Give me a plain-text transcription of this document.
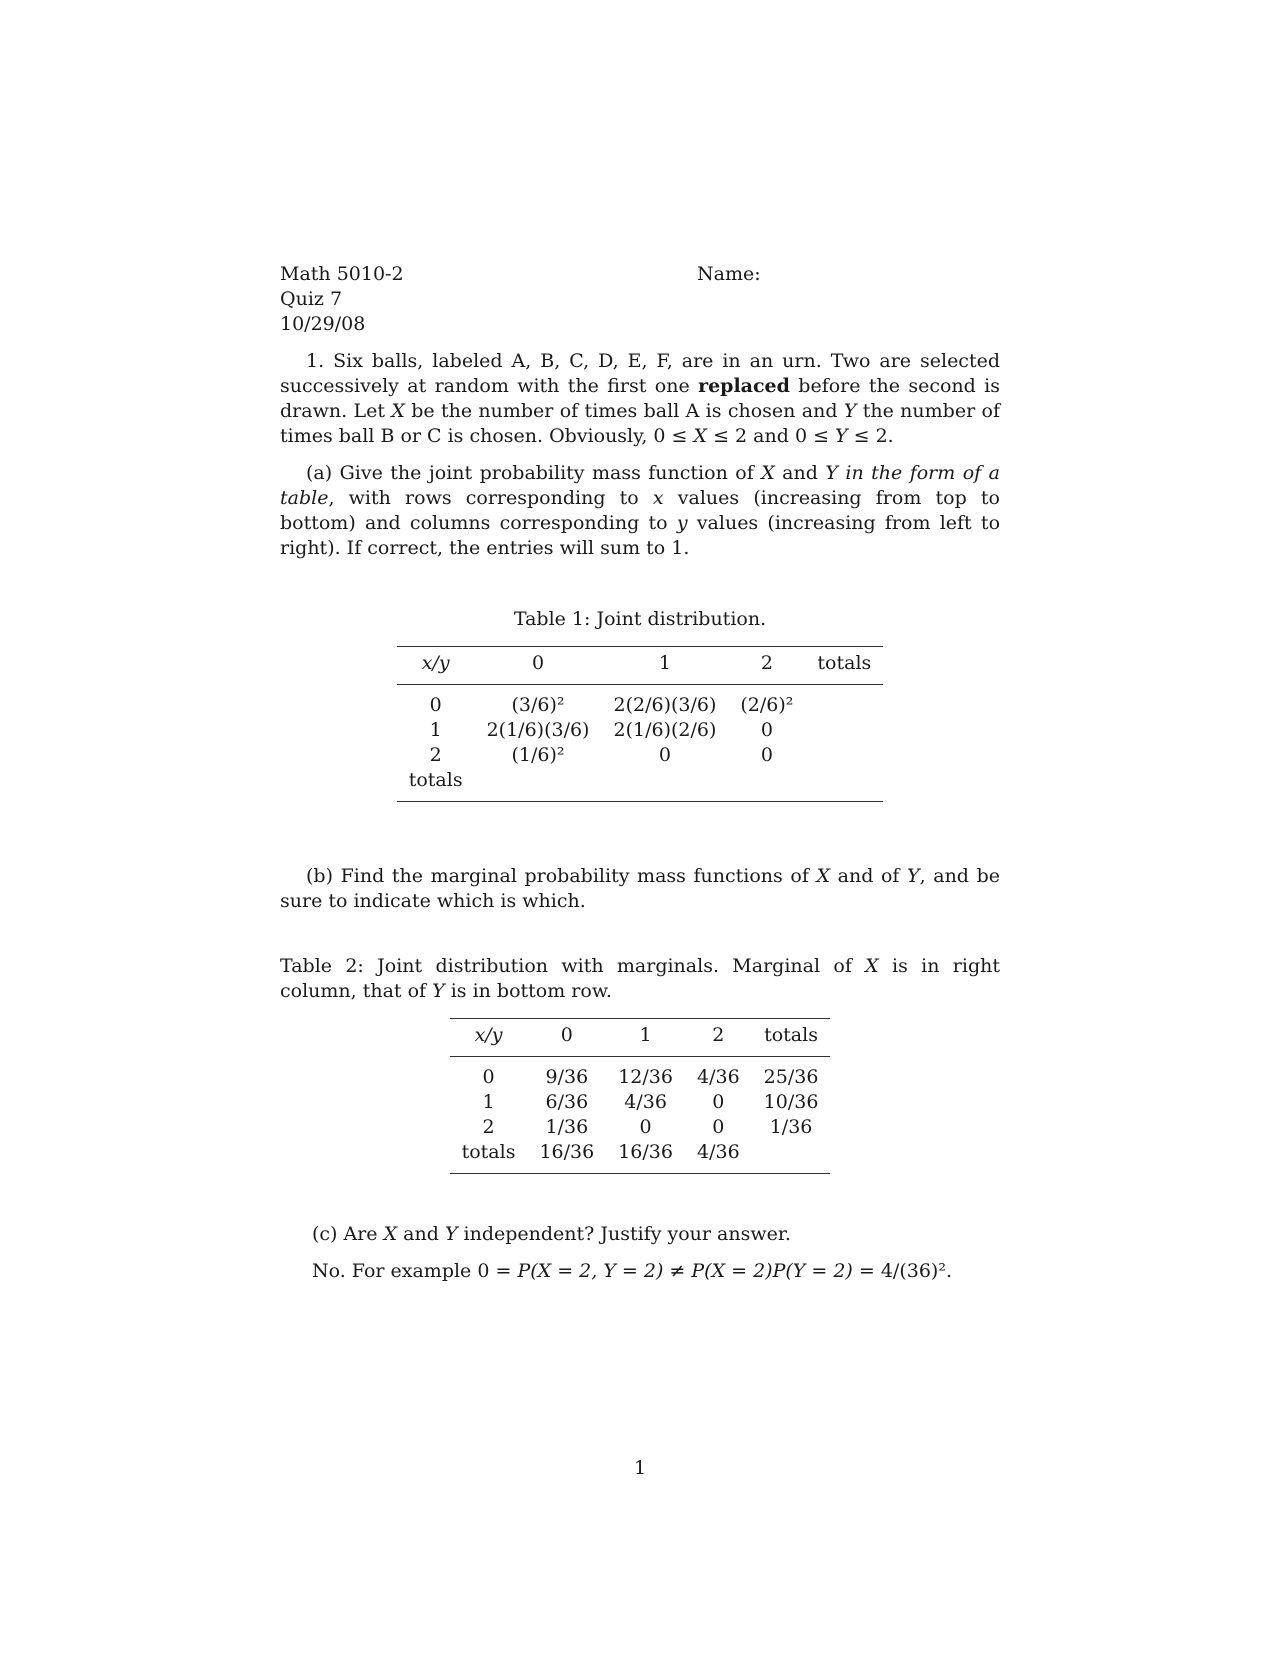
Math 5010-2
Quiz 7
10/29/08
Name:

1. Six balls, labeled A, B, C, D, E, F, are in an urn. Two are selected successively at random with the first one replaced before the second is drawn. Let X be the number of times ball A is chosen and Y the number of times ball B or C is chosen. Obviously, 0 ≤ X ≤ 2 and 0 ≤ Y ≤ 2.

(a) Give the joint probability mass function of X and Y in the form of a table, with rows corresponding to x values (increasing from top to bottom) and columns corresponding to y values (increasing from left to right). If correct, the entries will sum to 1.

Table 1: Joint distribution.
x/y	0	1	2	totals
0	(3/6)²	2(2/6)(3/6)	(2/6)²	
1	2(1/6)(3/6)	2(1/6)(2/6)	0	
2	(1/6)²	0	0	
totals				

(b) Find the marginal probability mass functions of X and of Y, and be sure to indicate which is which.

Table 2: Joint distribution with marginals. Marginal of X is in right column, that of Y is in bottom row.

x/y	0	1	2	totals
0	9/36	12/36	4/36	25/36
1	6/36	4/36	0	10/36
2	1/36	0	0	1/36
totals	16/36	16/36	4/36	

(c) Are X and Y independent? Justify your answer.

No. For example 0 = P(X = 2, Y = 2) ≠ P(X = 2)P(Y = 2) = 4/(36)².

1
